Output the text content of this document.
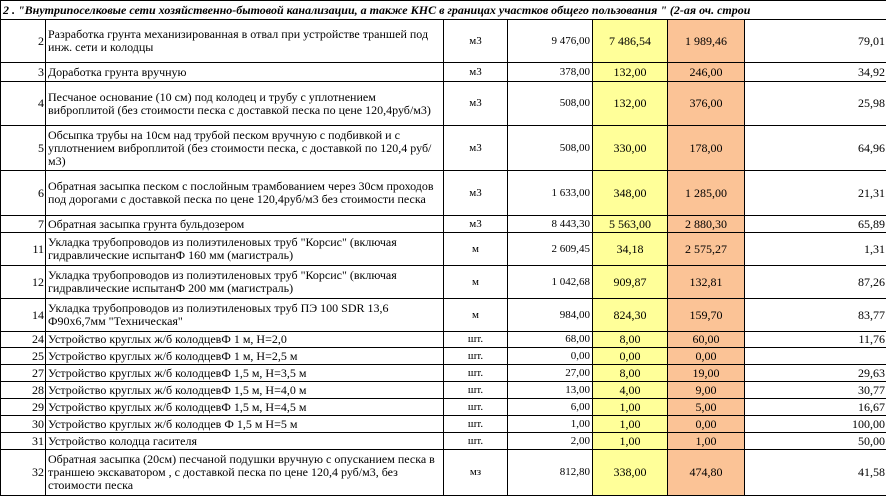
2 . "Внутрипоселковые сети хозяйственно-бытовой канализации, а также КНС в границах участков общего пользования " (2-ая оч. строи						
2	Разработка грунта механизированная в отвал при устройстве траншей под инж. сети и колодцы	м3	9 476,00	7 486,54	1 989,46	79,01
3	Доработка грунта вручную	м3	378,00	132,00	246,00	34,92
4	Песчаное основание (10 см) под колодец и трубу с уплотнением виброплитой (без стоимости песка с доставкой песка по цене 120,4руб/м3)	м3	508,00	132,00	376,00	25,98
5	Обсыпка трубы на 10см над трубой песком вручную с подбивкой и с уплотнением виброплитой (без стоимости песка, с доставкой по 120,4 руб/м3)	м3	508,00	330,00	178,00	64,96
6	Обратная засыпка песком с послойным трамбованием через 30см проходов под дорогами с доставкой песка по цене 120,4руб/м3 без стоимости песка	м3	1 633,00	348,00	1 285,00	21,31
7	Обратная засыпка грунта бульдозером	м3	8 443,30	5 563,00	2 880,30	65,89
11	Укладка трубопроводов из полиэтиленовых труб "Корсис" (включая гидравлические испытанФ 160 мм (магистраль)	м	2 609,45	34,18	2 575,27	1,31
12	Укладка трубопроводов из полиэтиленовых труб "Корсис" (включая гидравлические испытанФ 200 мм (магистраль)	м	1 042,68	909,87	132,81	87,26
14	Укладка трубопроводов из полиэтиленовых труб ПЭ 100 SDR 13,6 Ф90х6,7мм "Техническая"	м	984,00	824,30	159,70	83,77
24	Устройство круглых ж/б колодцевФ 1 м, Н=2,0	шт.	68,00	8,00	60,00	11,76
25	Устройство круглых ж/б колодцевФ 1 м, Н=2,5 м	шт.	0,00	0,00	0,00	
27	Устройство круглых ж/б колодцевФ 1,5 м, Н=3,5 м	шт.	27,00	8,00	19,00	29,63
28	Устройство круглых ж/б колодцевФ 1,5 м, Н=4,0 м	шт.	13,00	4,00	9,00	30,77
29	Устройство круглых ж/б колодцевФ 1,5 м, Н=4,5 м	шт.	6,00	1,00	5,00	16,67
30	Устройство круглых ж/б колодцев Ф 1,5 м Н=5 м	шт.	1,00	1,00	0,00	100,00
31	Устройство колодца гасителя	шт.	2,00	1,00	1,00	50,00
32	Обратная засыпка (20см) песчаной подушки вручную с опусканием песка в траншею экскаватором , с доставкой песка по цене 120,4 руб/м3, без стоимости песка	мз	812,80	338,00	474,80	41,58
